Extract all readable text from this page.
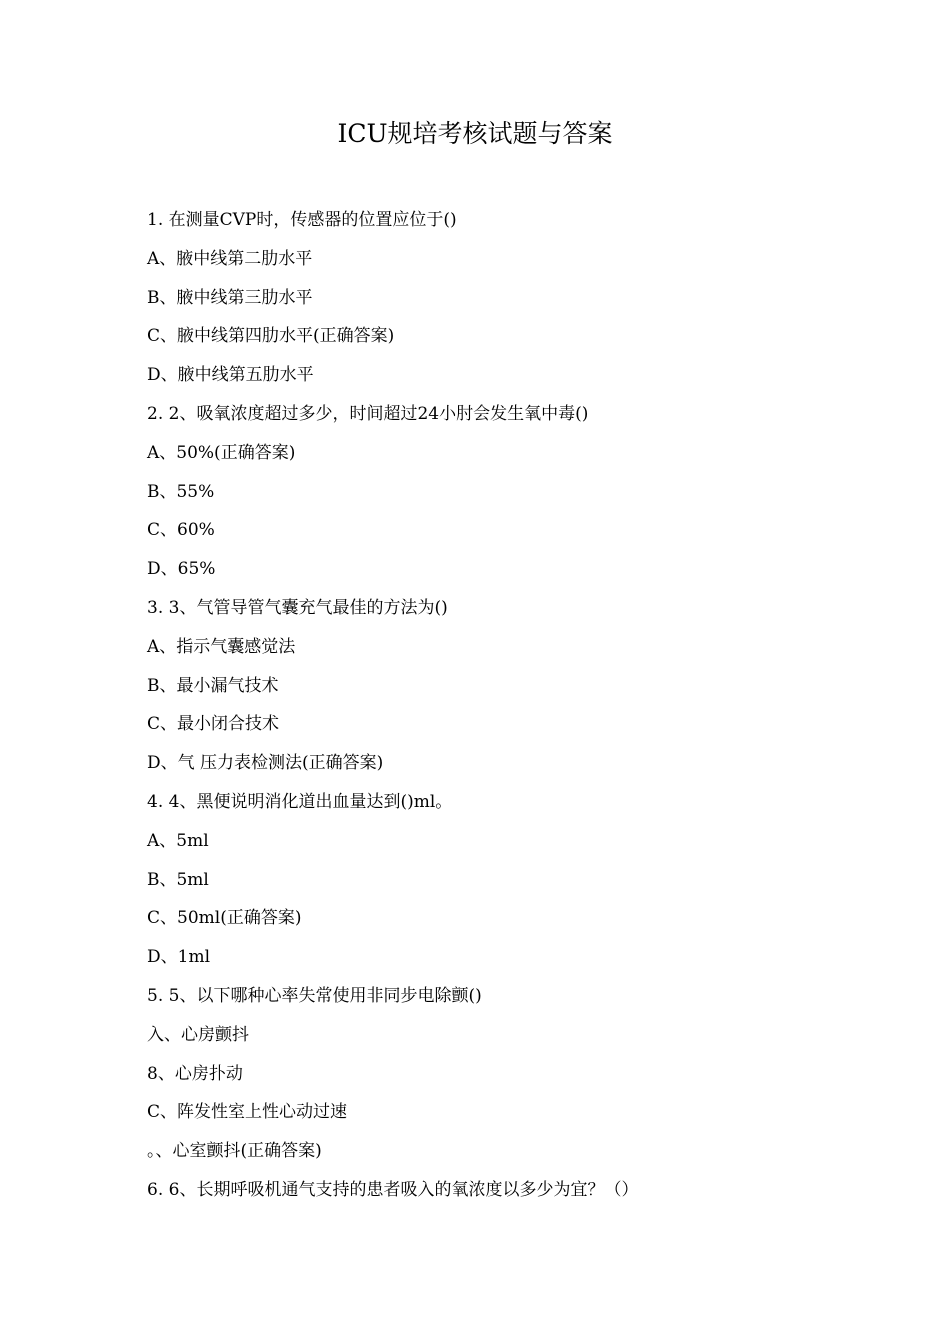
ICU规培考核试题与答案
1. 在测量CVP时，传感器的位置应位于()
A、腋中线第二肋水平
B、腋中线第三肋水平
C、腋中线第四肋水平(正确答案)
D、腋中线第五肋水平
2. 2、吸氧浓度超过多少，时间超过24小肘会发生氧中毒()
A、50%(正确答案)
B、55%
C、60%
D、65%
3. 3、气管导管气囊充气最佳的方法为()
A、指示气囊感觉法
B、最小漏气技术
C、最小闭合技术
D、气 压力表检测法(正确答案)
4. 4、黑便说明消化道出血量达到()ml。
A、5ml
B、5ml
C、50ml(正确答案)
D、1ml
5. 5、以下哪种心率失常使用非同步电除颤()
入、心房颤抖
8、心房扑动
C、阵发性室上性心动过速
。、心室颤抖(正确答案)
6. 6、长期呼吸机通气支持的患者吸入的氧浓度以多少为宜？（）
